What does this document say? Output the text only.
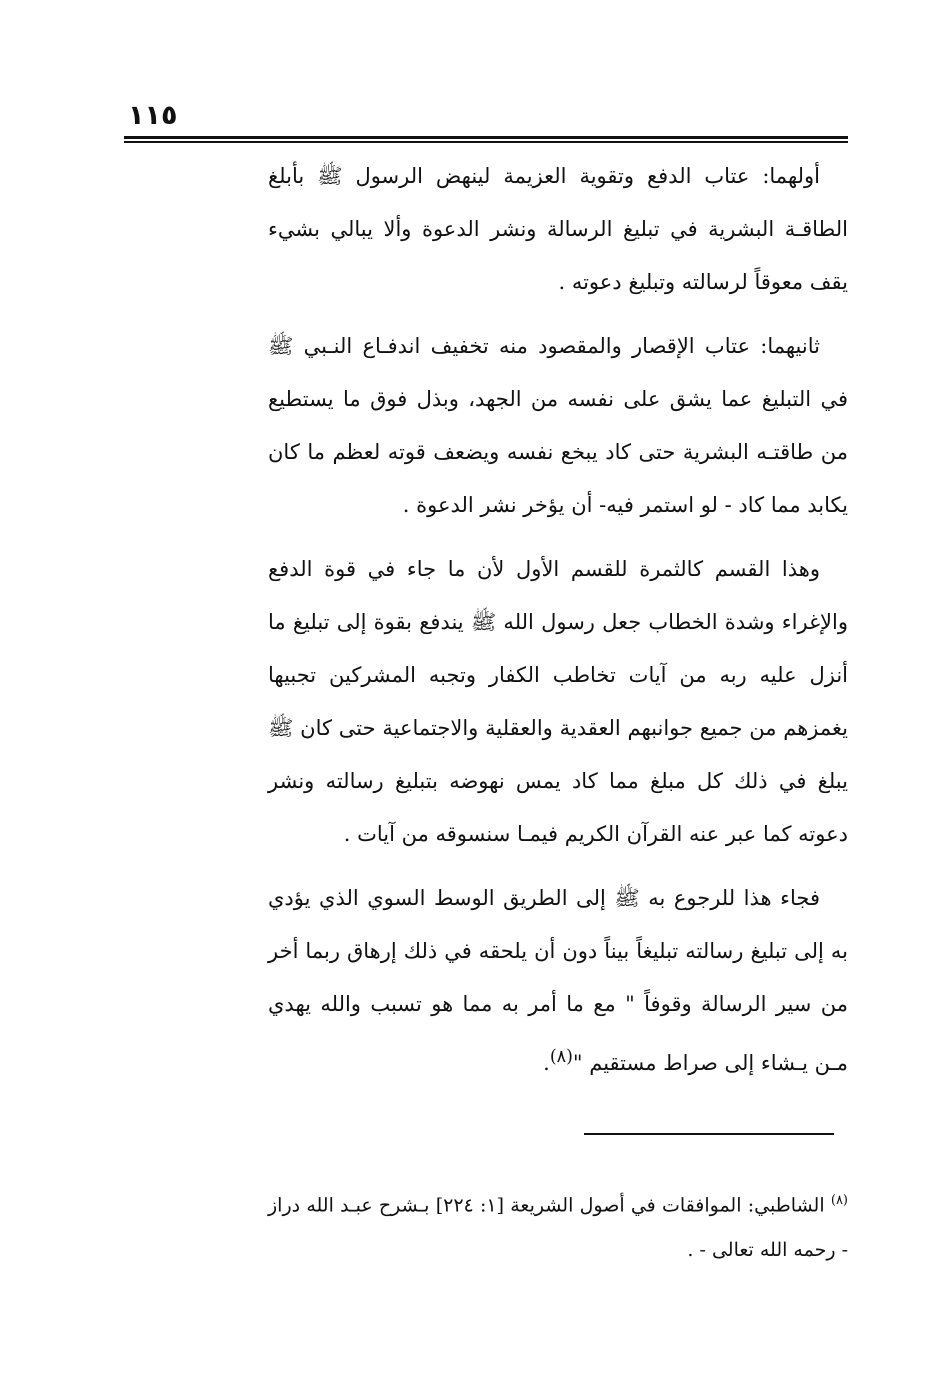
١١٥

أولهما: عتاب الدفع وتقوية العزيمة لينهض الرسول ﷺ بأبلغ الطاقـة البشرية في تبليغ الرسالة ونشر الدعوة وألا يبالي بشيء يقف معوقاً لرسالته وتبليغ دعوته .

ثانيهما: عتاب الإقصار والمقصود منه تخفيف اندفـاع النـبي ﷺ في التبليغ عما يشق على نفسه من الجهد، وبذل فوق ما يستطيع من طاقتـه البشرية حتى كاد يبخع نفسه ويضعف قوته لعظم ما كان يكابد مما كاد - لو استمر فيه- أن يؤخر نشر الدعوة .

وهذا القسم كالثمرة للقسم الأول لأن ما جاء في قوة الدفع والإغراء وشدة الخطاب جعل رسول الله ﷺ يندفع بقوة إلى تبليغ ما أنزل عليه ربه من آيات تخاطب الكفار وتجبه المشركين تجبيها يغمزهم من جميع جوانبهم العقدية والعقلية والاجتماعية حتى كان ﷺ يبلغ في ذلك كل مبلغ مما كاد يمس نهوضه بتبليغ رسالته ونشر دعوته كما عبر عنه القرآن الكريم فيمـا سنسوقه من آيات .

فجاء هذا للرجوع به ﷺ إلى الطريق الوسط السوي الذي يؤدي به إلى تبليغ رسالته تبليغاً بيناً دون أن يلحقه في ذلك إرهاق ربما أخر من سير الرسالة وقوفاً " مع ما أمر به مما هو تسبب والله يهدي مـن يـشاء إلى صراط مستقيم "$^{(٨)}$.

$^{(٨)}$ الشاطبي: الموافقات في أصول الشريعة [١: ٢٢٤] بـشرح عبـد الله دراز - رحمه الله تعالى - .
